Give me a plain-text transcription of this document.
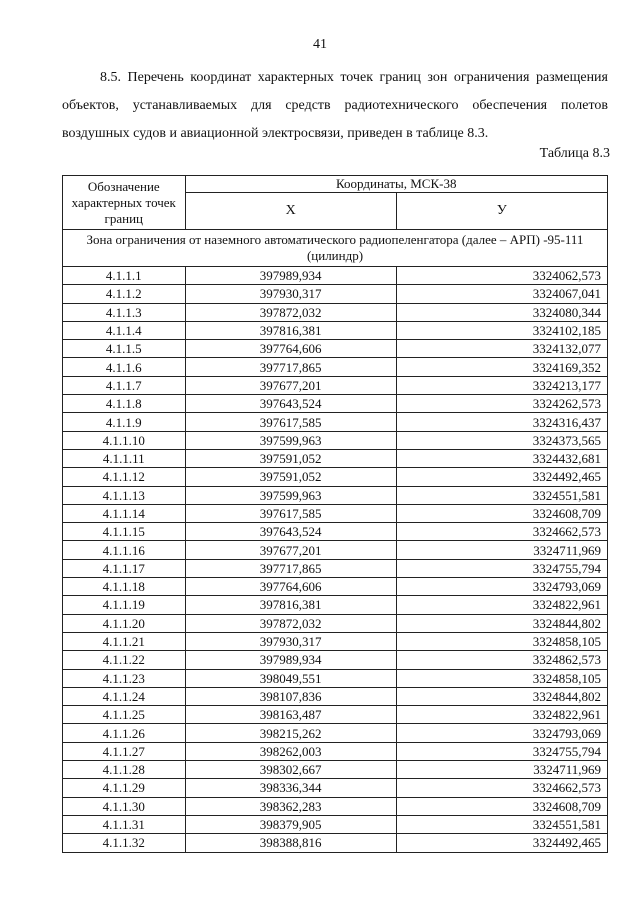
41

8.5. Перечень координат характерных точек границ зон ограничения размещения объектов, устанавливаемых для средств радиотехнического обеспечения полетов воздушных судов и авиационной электросвязи, приведен в таблице 8.3.

Таблица 8.3
Обозначение характерных точек границ	Координаты, МСК-38	
	Х	У
Зона ограничения от наземного автоматического радиопеленгатора (далее – АРП) -95-111 (цилиндр)		
4.1.1.1	397989,934	3324062,573
4.1.1.2	397930,317	3324067,041
4.1.1.3	397872,032	3324080,344
4.1.1.4	397816,381	3324102,185
4.1.1.5	397764,606	3324132,077
4.1.1.6	397717,865	3324169,352
4.1.1.7	397677,201	3324213,177
4.1.1.8	397643,524	3324262,573
4.1.1.9	397617,585	3324316,437
4.1.1.10	397599,963	3324373,565
4.1.1.11	397591,052	3324432,681
4.1.1.12	397591,052	3324492,465
4.1.1.13	397599,963	3324551,581
4.1.1.14	397617,585	3324608,709
4.1.1.15	397643,524	3324662,573
4.1.1.16	397677,201	3324711,969
4.1.1.17	397717,865	3324755,794
4.1.1.18	397764,606	3324793,069
4.1.1.19	397816,381	3324822,961
4.1.1.20	397872,032	3324844,802
4.1.1.21	397930,317	3324858,105
4.1.1.22	397989,934	3324862,573
4.1.1.23	398049,551	3324858,105
4.1.1.24	398107,836	3324844,802
4.1.1.25	398163,487	3324822,961
4.1.1.26	398215,262	3324793,069
4.1.1.27	398262,003	3324755,794
4.1.1.28	398302,667	3324711,969
4.1.1.29	398336,344	3324662,573
4.1.1.30	398362,283	3324608,709
4.1.1.31	398379,905	3324551,581
4.1.1.32	398388,816	3324492,465
